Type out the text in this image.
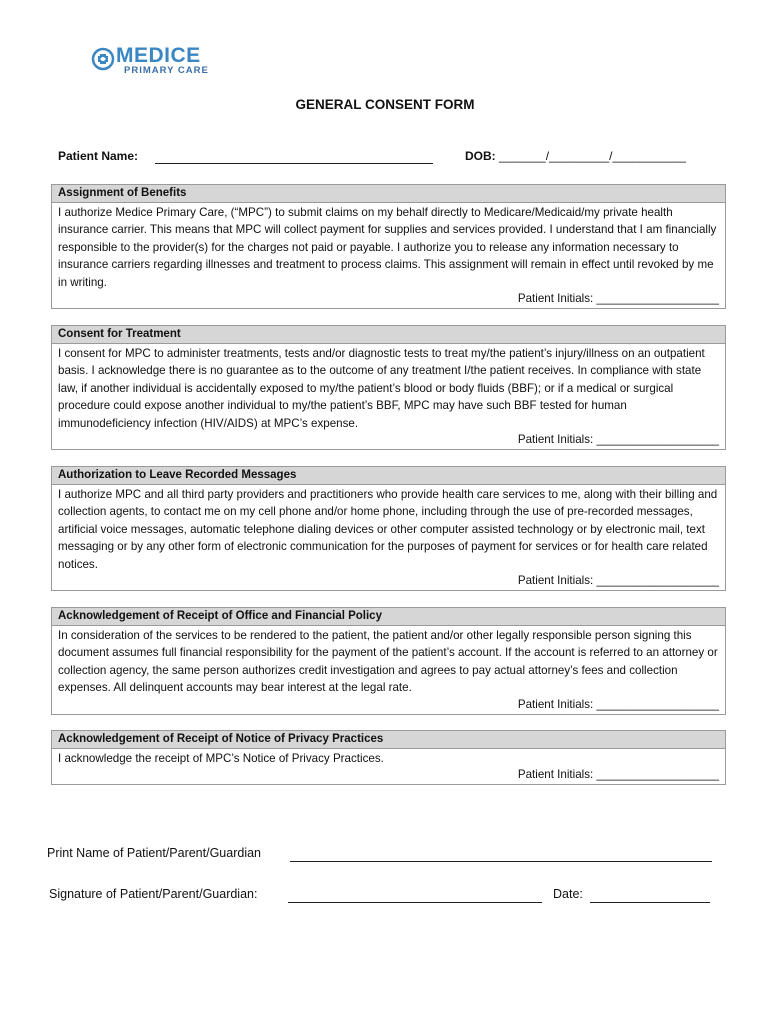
MEDICE
PRIMARY CARE
GENERAL CONSENT FORM
Patient Name:	DOB: _______/_________/___________
Assignment of Benefits
I authorize Medice Primary Care, (“MPC”) to submit claims on my behalf directly to Medicare/Medicaid/my private health insurance carrier. This means that MPC will collect payment for supplies and services provided. I understand that I am financially responsible to the provider(s) for the charges not paid or payable. I authorize you to release any information necessary to insurance carriers regarding illnesses and treatment to process claims. This assignment will remain in effect until revoked by me in writing.
Patient Initials: ___________________
Consent for Treatment
I consent for MPC to administer treatments, tests and/or diagnostic tests to treat my/the patient’s injury/illness on an outpatient basis. I acknowledge there is no guarantee as to the outcome of any treatment I/the patient receives. In compliance with state law, if another individual is accidentally exposed to my/the patient’s blood or body fluids (BBF); or if a medical or surgical procedure could expose another individual to my/the patient’s BBF, MPC may have such BBF tested for human immunodeficiency infection (HIV/AIDS) at MPC’s expense.
Patient Initials: ___________________
Authorization to Leave Recorded Messages
I authorize MPC and all third party providers and practitioners who provide health care services to me, along with their billing and collection agents, to contact me on my cell phone and/or home phone, including through the use of pre-recorded messages, artificial voice messages, automatic telephone dialing devices or other computer assisted technology or by electronic mail, text messaging or by any other form of electronic communication for the purposes of payment for services or for health care related notices.
Patient Initials: ___________________
Acknowledgement of Receipt of Office and Financial Policy
In consideration of the services to be rendered to the patient, the patient and/or other legally responsible person signing this document assumes full financial responsibility for the payment of the patient’s account. If the account is referred to an attorney or collection agency, the same person authorizes credit investigation and agrees to pay actual attorney’s fees and collection expenses. All delinquent accounts may bear interest at the legal rate.
Patient Initials: ___________________
Acknowledgement of Receipt of Notice of Privacy Practices
I acknowledge the receipt of MPC’s Notice of Privacy Practices.
Patient Initials: ___________________
Print Name of Patient/Parent/Guardian
Signature of Patient/Parent/Guardian:	Date:
